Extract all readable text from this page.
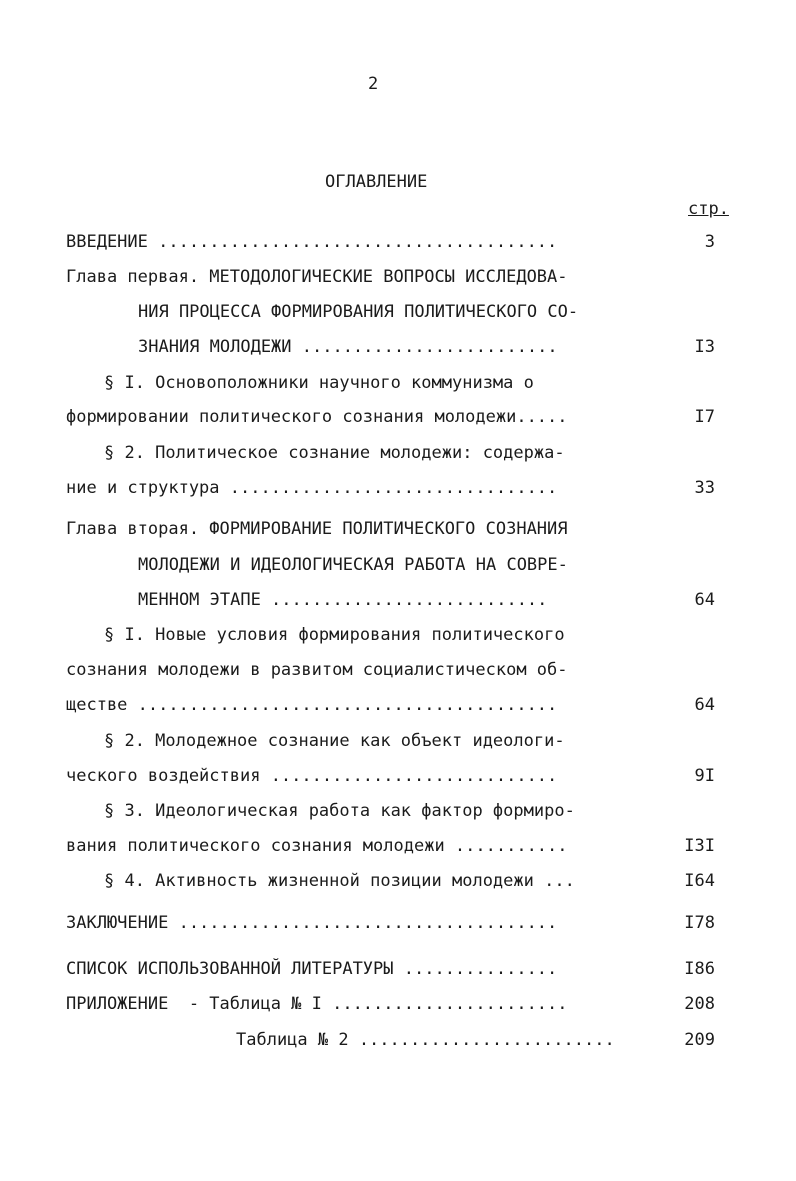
2

ОГЛАВЛЕНИЕ

стр.

ВВЕДЕНИЕ .......................................	3

Глава первая. МЕТОДОЛОГИЧЕСКИЕ ВОПРОСЫ ИССЛЕДОВА-

НИЯ ПРОЦЕССА ФОРМИРОВАНИЯ ПОЛИТИЧЕСКОГО СО-

ЗНАНИЯ МОЛОДЕЖИ .........................	I3

§ I. Основоположники научного коммунизма о

формировании политического сознания молодежи.....	I7

§ 2. Политическое сознание молодежи: содержа-

ние и структура ................................	33

Глава вторая. ФОРМИРОВАНИЕ ПОЛИТИЧЕСКОГО СОЗНАНИЯ

МОЛОДЕЖИ И ИДЕОЛОГИЧЕСКАЯ РАБОТА НА СОВРЕ-

МЕННОМ ЭТАПЕ ...........................	64

§ I. Новые условия формирования политического

сознания молодежи в развитом социалистическом об-

ществе .........................................	64

§ 2. Молодежное сознание как объект идеологи-

ческого воздействия ............................	9I

§ 3. Идеологическая работа как фактор формиро-

вания политического сознания молодежи ...........	I3I

§ 4. Активность жизненной позиции молодежи ...	I64

ЗАКЛЮЧЕНИЕ .....................................	I78

СПИСОК ИСПОЛЬЗОВАННОЙ ЛИТЕРАТУРЫ ...............	I86

ПРИЛОЖЕНИЕ  - Таблица № I .......................	208

Таблица № 2 .........................	209
